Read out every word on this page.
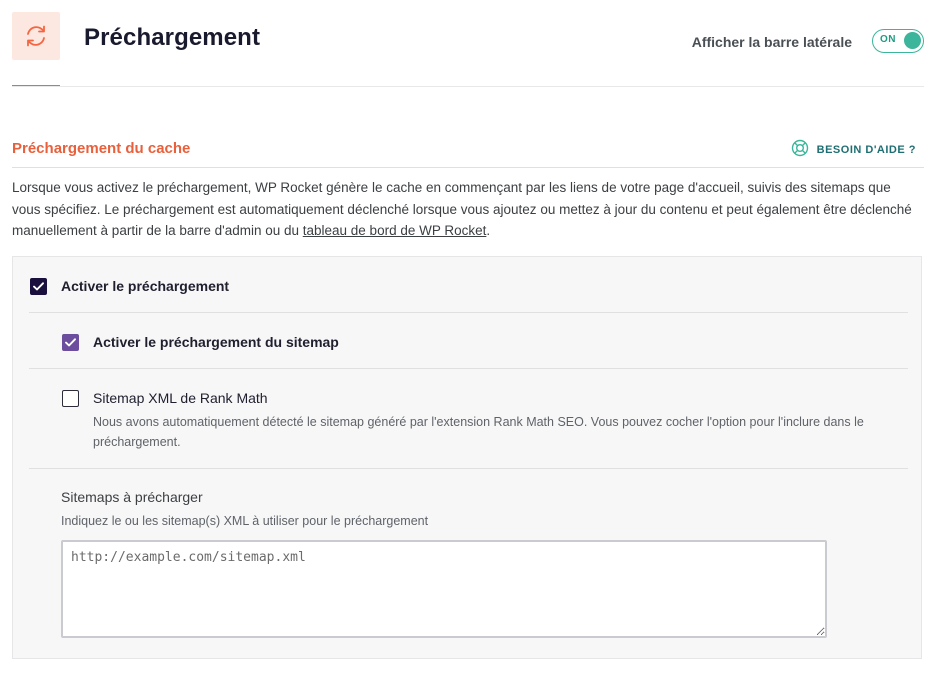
Préchargement	Afficher la barre latérale	ON
Préchargement du cache	BESOIN D'AIDE ?
Lorsque vous activez le préchargement, WP Rocket génère le cache en commençant par les liens de votre page d'accueil, suivis des sitemaps que vous spécifiez. Le préchargement est automatiquement déclenché lorsque vous ajoutez ou mettez à jour du contenu et peut également être déclenché manuellement à partir de la barre d'admin ou du tableau de bord de WP Rocket.
Activer le préchargement
Activer le préchargement du sitemap
Sitemap XML de Rank Math
Nous avons automatiquement détecté le sitemap généré par l'extension Rank Math SEO. Vous pouvez cocher l'option pour l'inclure dans le préchargement.
Sitemaps à précharger
Indiquez le ou les sitemap(s) XML à utiliser pour le préchargement
http://example.com/sitemap.xml
